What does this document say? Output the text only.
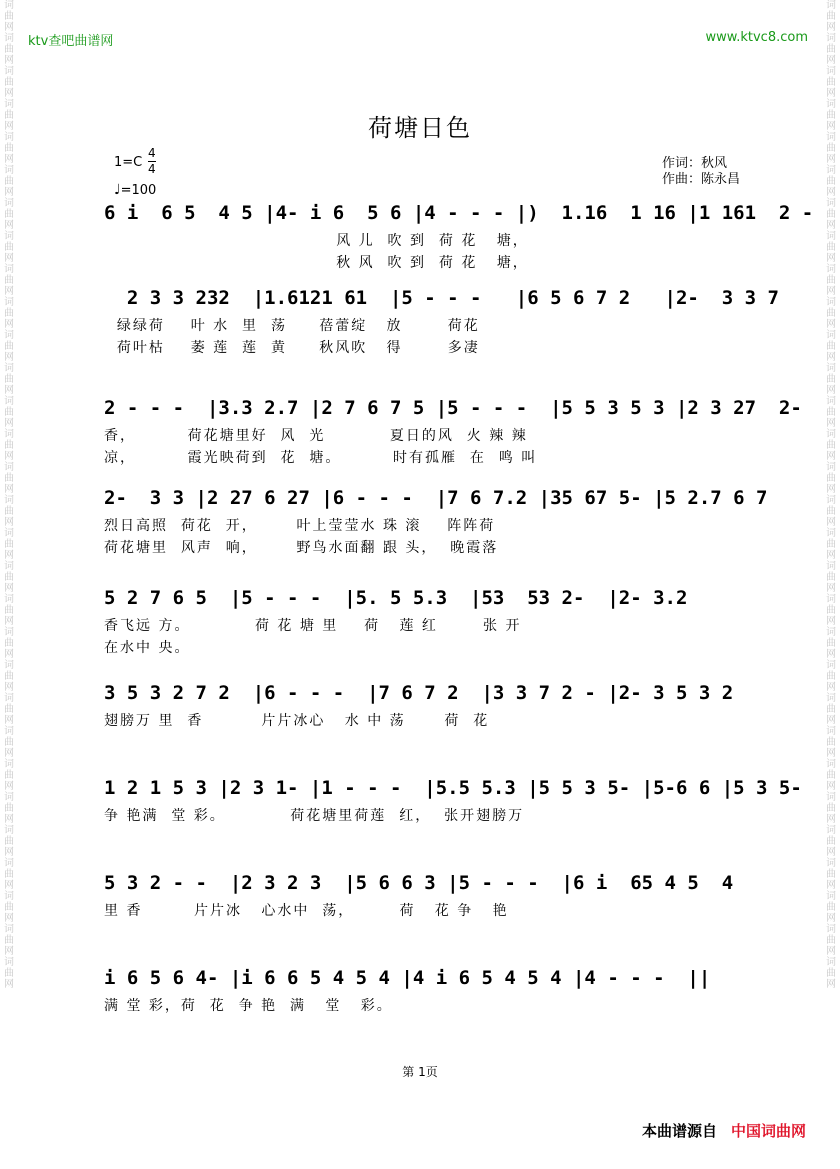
词曲网词曲网词曲网词曲网词曲网词曲网词曲网词曲网词曲网词曲网词曲网词曲网词曲网词曲网词曲网词曲网词曲网词曲网词曲网词曲网词曲网词曲网词曲网词曲网词曲网词曲网词曲网词曲网词曲网词曲网
词曲网词曲网词曲网词曲网词曲网词曲网词曲网词曲网词曲网词曲网词曲网词曲网词曲网词曲网词曲网词曲网词曲网词曲网词曲网词曲网词曲网词曲网词曲网词曲网词曲网词曲网词曲网词曲网词曲网词曲网
ktv查吧曲谱网	www.ktvc8.com
荷塘日色
1=C
4
4
♩=100
作词：秋风
作曲：陈永昌
6 i  6 5  4 5 |4- i 6  5 6 |4 - - - |)  1.16  1 16 |1 161  2 -
风 儿  吹 到  荷 花   塘，
秋 风  吹 到  荷 花   塘，
2 3 3 232  |1.6121 61  |5 - - -   |6 5 6 7 2   |2-  3 3 7
绿绿荷    叶 水  里  荡     蓓蕾绽   放       荷花
荷叶枯    萎 莲  莲  黄     秋风吹   得       多凄
2 - - -  |3.3 2.7 |2 7 6 7 5 |5 - - -  |5 5 3 5 3 |2 3 27  2-
香，        荷花塘里好  风  光          夏日的风  火 辣 辣
凉，        霞光映荷到  花  塘。        时有孤雁  在  鸣 叫
2-  3 3 |2 27 6 27 |6 - - -  |7 6 7.2 |35 67 5- |5 2.7 6 7
烈日高照  荷花  开，      叶上莹莹水 珠 滚    阵阵荷
荷花塘里  风声  响，      野鸟水面翻 跟 头，  晚霞落
5 2 7 6 5  |5 - - -  |5. 5 5.3  |53  53 2-  |2- 3.2
香飞远 方。          荷 花 塘 里    荷   莲 红       张 开
在水中 央。
3 5 3 2 7 2  |6 - - -  |7 6 7 2  |3 3 7 2 - |2- 3 5 3 2
翅膀万 里  香         片片冰心   水 中 荡      荷  花
1 2 1 5 3 |2 3 1- |1 - - -  |5.5 5.3 |5 5 3 5- |5-6 6 |5 3 5-
争 艳满  堂 彩。          荷花塘里荷莲  红，  张开翅膀万
5 3 2 - -  |2 3 2 3  |5 6 6 3 |5 - - -  |6 i  65 4 5  4
里 香        片片冰   心水中  荡，       荷   花 争   艳
i 6 5 6 4- |i 6 6 5 4 5 4 |4 i 6 5 4 5 4 |4 - - -  ||
满 堂 彩，荷  花  争 艳  满   堂   彩。
第 1页
本曲谱源自 中国词曲网
